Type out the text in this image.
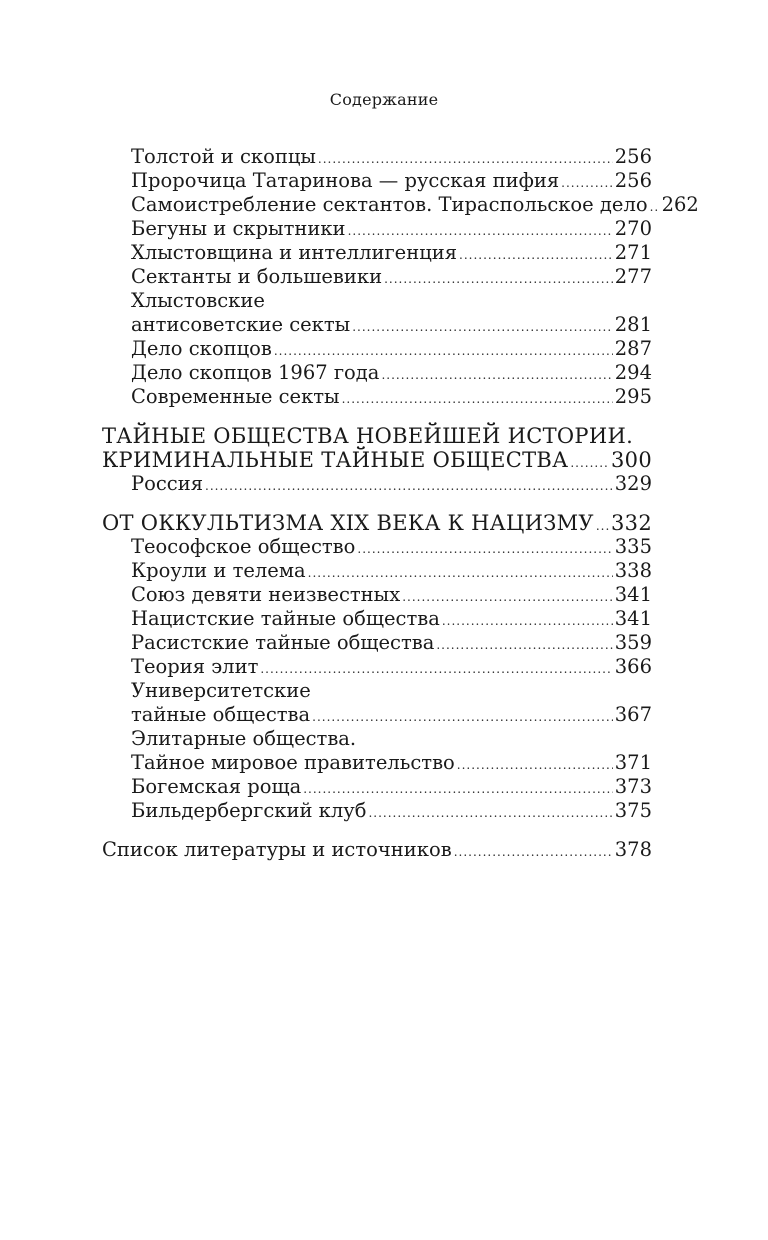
Содержание
Толстой и скопцы .....	256
Пророчица Татаринова — русская пифия .....	256
Самоистребление сектантов. Тираспольское дело ..... 262
Бегуны и скрытники .....	270
Хлыстовщина и интеллигенция .....	271
Сектанты и большевики .....	277
Хлыстовские
антисоветские секты .....	281
Дело скопцов .....	287
Дело скопцов 1967 года .....	294
Современные секты .....	295
ТАЙНЫЕ ОБЩЕСТВА НОВЕЙШЕЙ ИСТОРИИ.
КРИМИНАЛЬНЫЕ ТАЙНЫЕ ОБЩЕСТВА ..... 300
Россия .....	329
ОТ ОККУЛЬТИЗМА XIX ВЕКА К НАЦИЗМУ ..... 332
Теософское общество .....	335
Кроули и телема .....	338
Союз девяти неизвестных .....	341
Нацистские тайные общества .....	341
Расистские тайные общества .....	359
Теория элит .....	366
Университетские
тайные общества .....	367
Элитарные общества.
Тайное мировое правительство .....	371
Богемская роща .....	373
Бильдербергский клуб .....	375
Список литературы и источников .....	378
